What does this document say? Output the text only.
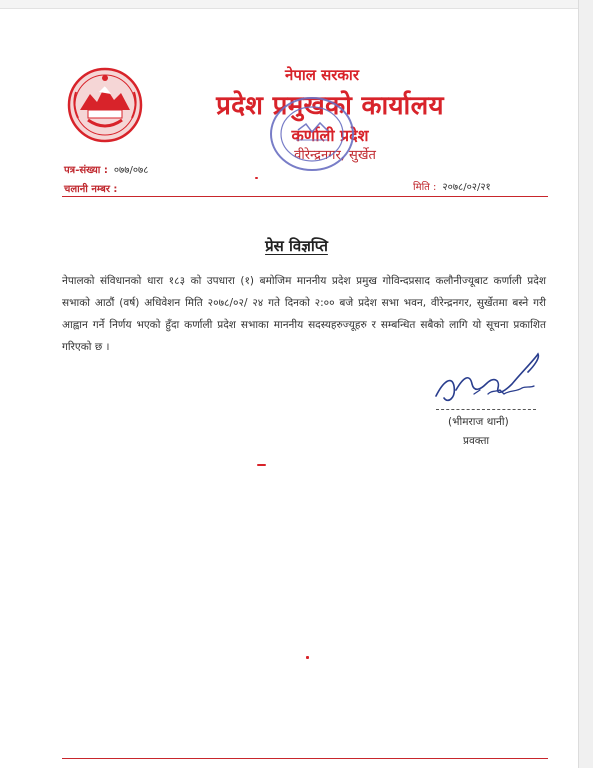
नेपाल सरकार
प्रदेश प्रमुखको कार्यालय
कर्णाली प्रदेश
वीरेन्द्रनगर, सुर्खेत
पत्र-संख्या : ०७७/०७८
चलानी नम्बर :	मिति : २०७८/०२/२१
प्रेस विज्ञप्ति
नेपालको संविधानको धारा १८३ को उपधारा (१) बमोजिम माननीय प्रदेश प्रमुख गोविन्दप्रसाद कलौनीज्यूबाट कर्णाली प्रदेश सभाको आठौं (वर्ष) अधिवेशन मिति २०७८/०२/ २४ गते दिनको २:०० बजे प्रदेश सभा भवन, वीरेन्द्रनगर, सुर्खेतमा बस्ने गरी आह्वान गर्ने निर्णय भएको हुँदा कर्णाली प्रदेश सभाका माननीय सदस्यहरुज्यूहरु र सम्बन्धित सबैको लागि यो सूचना प्रकाशित गरिएको छ ।
(भीमराज थानी)
प्रवक्ता
